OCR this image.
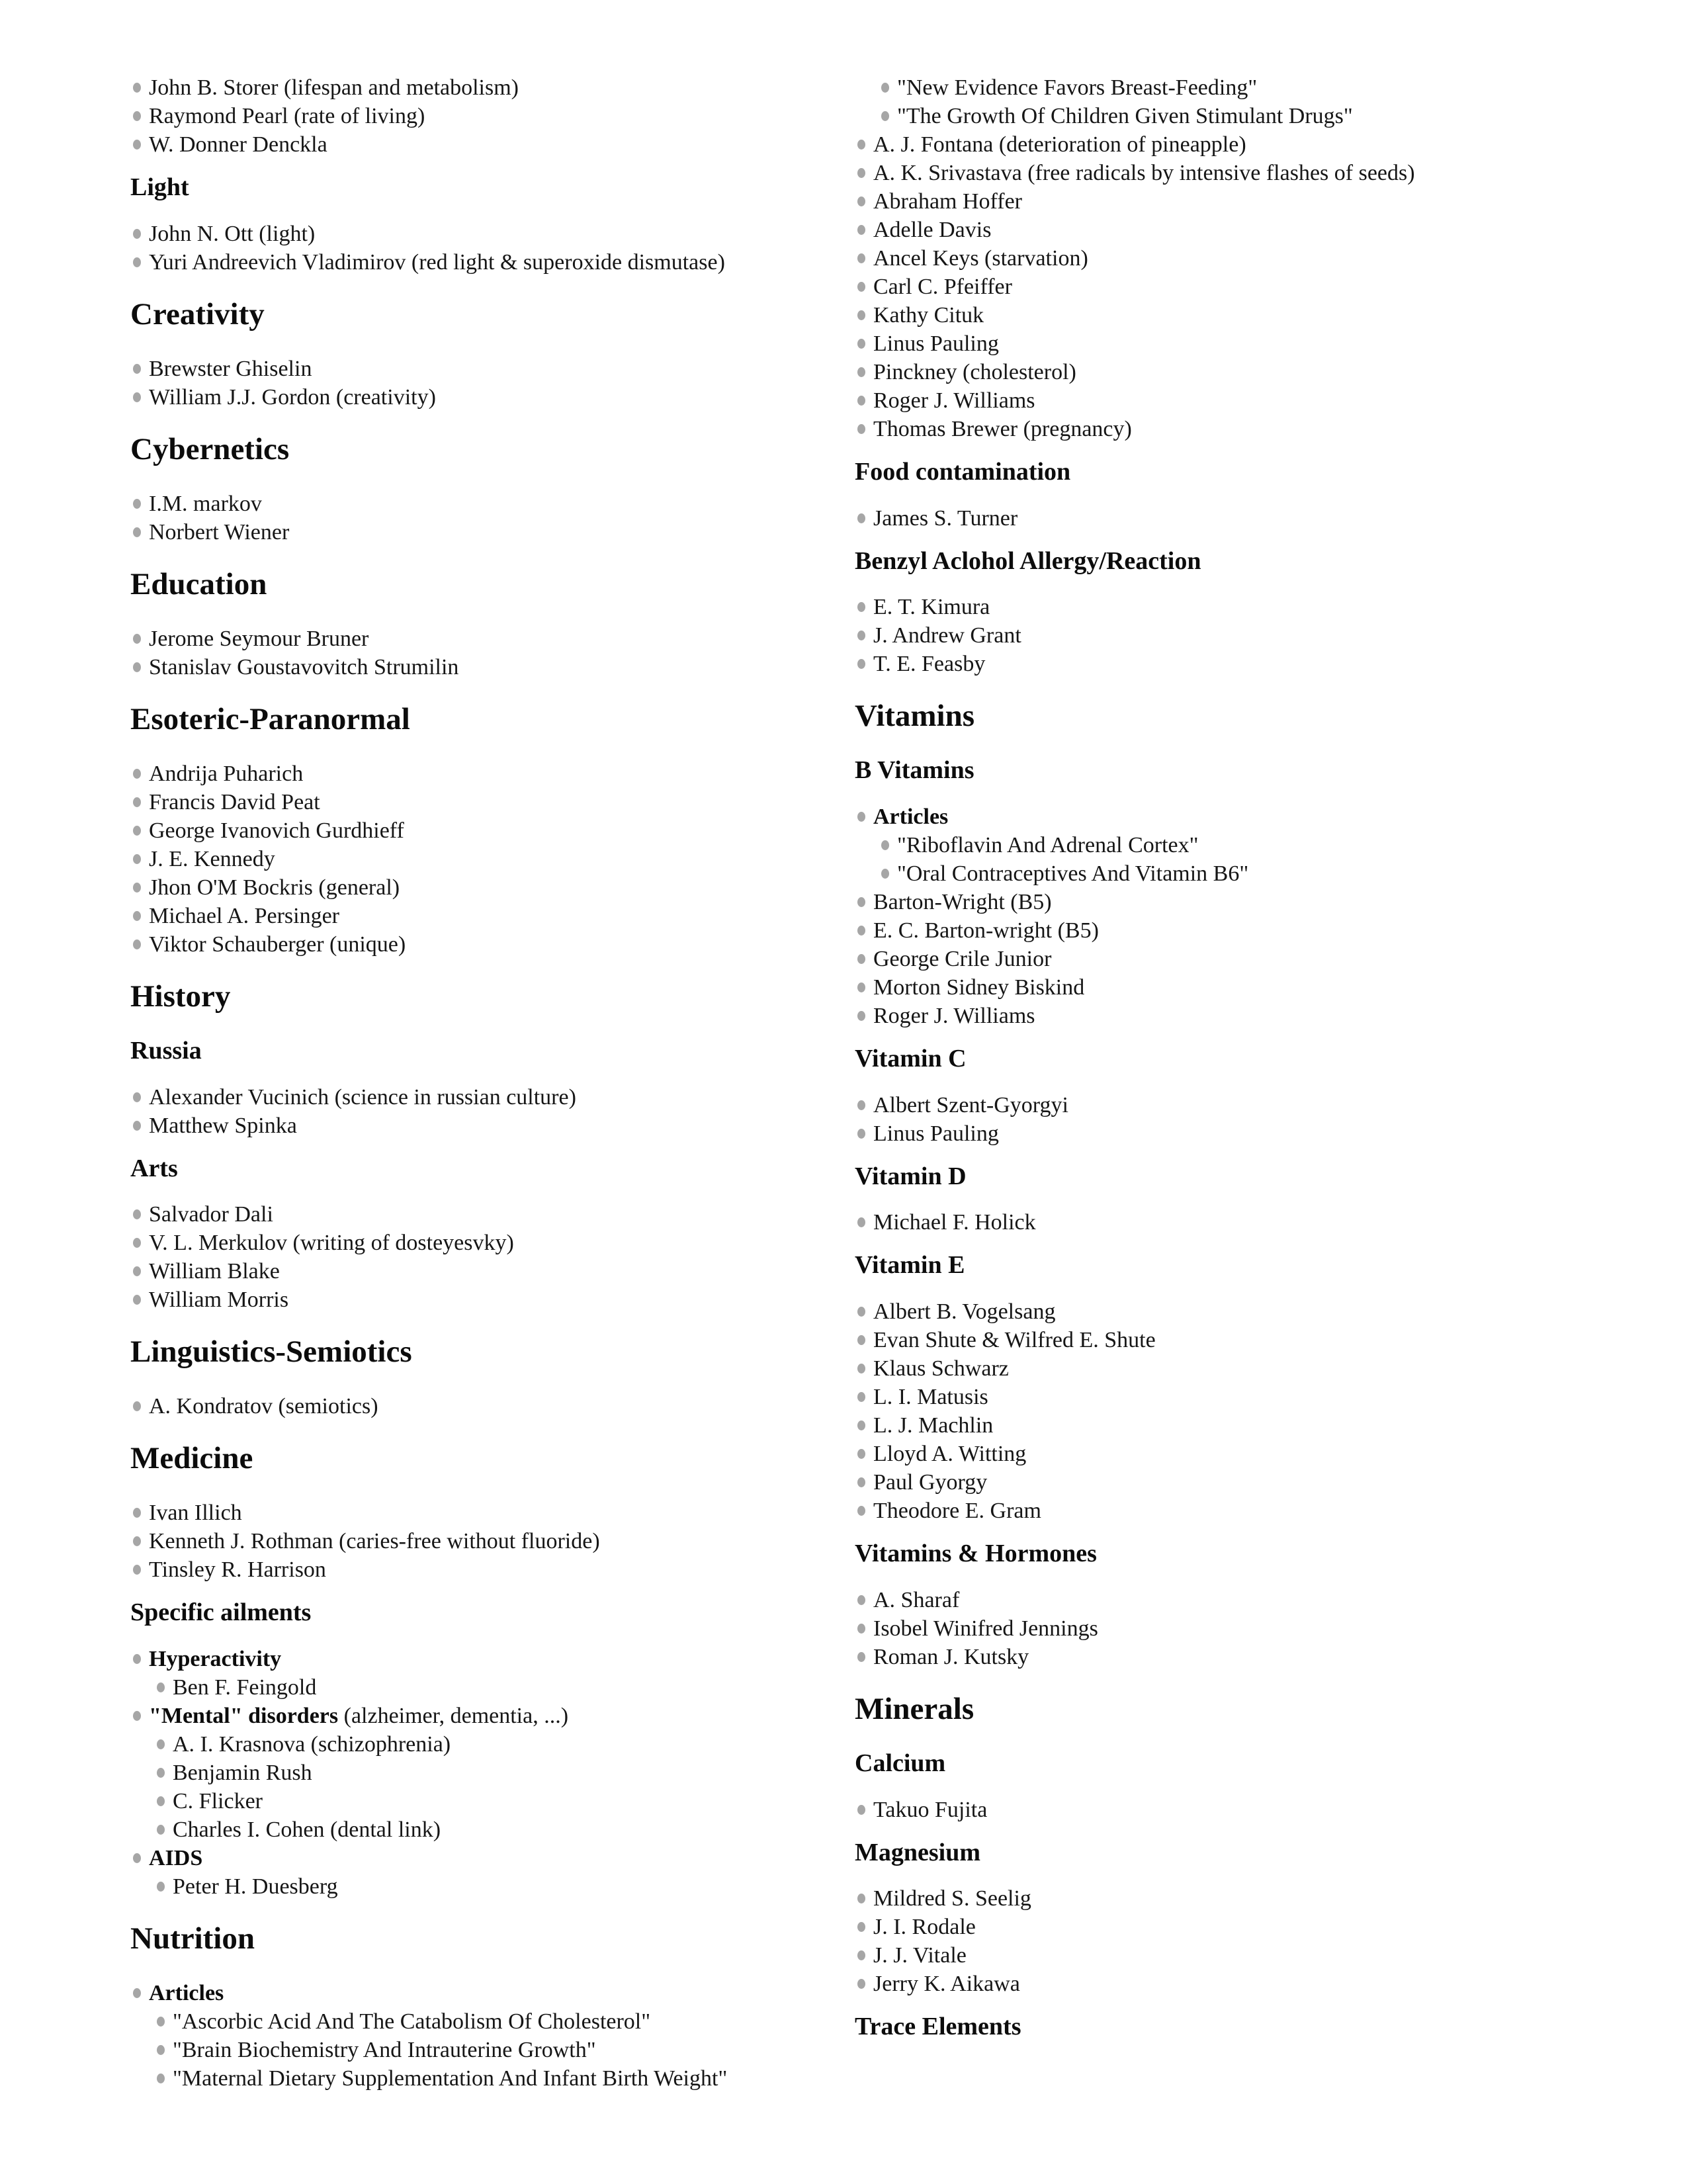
John B. Storer (lifespan and metabolism)
Raymond Pearl (rate of living)
W. Donner Denckla
Light
John N. Ott (light)
Yuri Andreevich Vladimirov (red light & superoxide dismutase)
Creativity
Brewster Ghiselin
William J.J. Gordon (creativity)
Cybernetics
I.M. markov
Norbert Wiener
Education
Jerome Seymour Bruner
Stanislav Goustavovitch Strumilin
Esoteric-Paranormal
Andrija Puharich
Francis David Peat
George Ivanovich Gurdhieff
J. E. Kennedy
Jhon O'M Bockris (general)
Michael A. Persinger
Viktor Schauberger (unique)
History
Russia
Alexander Vucinich (science in russian culture)
Matthew Spinka
Arts
Salvador Dali
V. L. Merkulov (writing of dosteyesvky)
William Blake
William Morris
Linguistics-Semiotics
A. Kondratov (semiotics)
Medicine
Ivan Illich
Kenneth J. Rothman (caries-free without fluoride)
Tinsley R. Harrison
Specific ailments
Hyperactivity
Ben F. Feingold
"Mental" disorders (alzheimer, dementia, ...)
A. I. Krasnova (schizophrenia)
Benjamin Rush
C. Flicker
Charles I. Cohen (dental link)
AIDS
Peter H. Duesberg
Nutrition
Articles
"Ascorbic Acid And The Catabolism Of Cholesterol"
"Brain Biochemistry And Intrauterine Growth"
"Maternal Dietary Supplementation And Infant Birth Weight"
"New Evidence Favors Breast-Feeding"
"The Growth Of Children Given Stimulant Drugs"
A. J. Fontana (deterioration of pineapple)
A. K. Srivastava (free radicals by intensive flashes of seeds)
Abraham Hoffer
Adelle Davis
Ancel Keys (starvation)
Carl C. Pfeiffer
Kathy Cituk
Linus Pauling
Pinckney (cholesterol)
Roger J. Williams
Thomas Brewer (pregnancy)
Food contamination
James S. Turner
Benzyl Aclohol Allergy/Reaction
E. T. Kimura
J. Andrew Grant
T. E. Feasby
Vitamins
B Vitamins
Articles
"Riboflavin And Adrenal Cortex"
"Oral Contraceptives And Vitamin B6"
Barton-Wright (B5)
E. C. Barton-wright (B5)
George Crile Junior
Morton Sidney Biskind
Roger J. Williams
Vitamin C
Albert Szent-Gyorgyi
Linus Pauling
Vitamin D
Michael F. Holick
Vitamin E
Albert B. Vogelsang
Evan Shute & Wilfred E. Shute
Klaus Schwarz
L. I. Matusis
L. J. Machlin
Lloyd A. Witting
Paul Gyorgy
Theodore E. Gram
Vitamins & Hormones
A. Sharaf
Isobel Winifred Jennings
Roman J. Kutsky
Minerals
Calcium
Takuo Fujita
Magnesium
Mildred S. Seelig
J. I. Rodale
J. J. Vitale
Jerry K. Aikawa
Trace Elements
